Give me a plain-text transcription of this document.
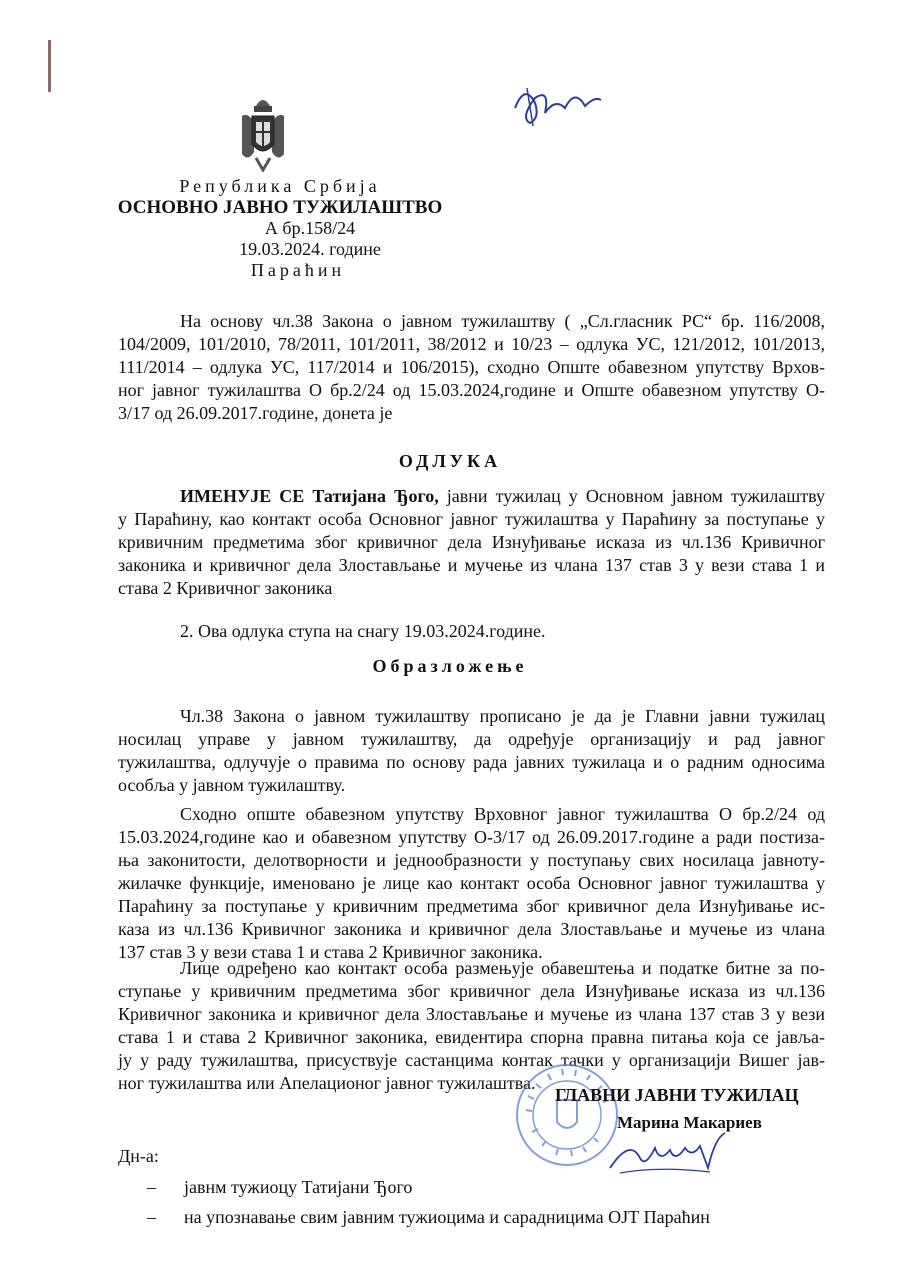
Република Србија
ОСНОВНО ЈАВНО ТУЖИЛАШТВО
А бр.158/24
19.03.2024. године
Параћин
На основу чл.38 Закона о јавном тужилаштву ( „Сл.гласник РС“ бр. 116/2008,
104/2009, 101/2010, 78/2011, 101/2011, 38/2012 и 10/23 – одлука УС, 121/2012, 101/2013,
111/2014 – одлука УС, 117/2014 и 106/2015), сходно Опште обавезном упутству Врхов-
ног јавног тужилаштва О бр.2/24 од 15.03.2024,године и Опште обавезном упутству О-
3/17 од 26.09.2017.године, донета је
ОДЛУКА
ИМЕНУЈЕ СЕ Татијана Ђого, јавни тужилац у Основном јавном тужилаштву
у Параћину, као контакт особа Основног јавног тужилаштва у Параћину за поступање у
кривичним предметима због кривичног дела Изнуђивање исказа из чл.136 Кривичног
законика и кривичног дела Злостављање и мучење из члана 137 став 3 у вези става 1 и
става 2 Кривичног законика
2. Ова одлука ступа на снагу 19.03.2024.године.
Образложење
Чл.38 Закона о јавном тужилаштву прописано је да је Главни јавни тужилац
носилац управе у јавном тужилаштву, да одређује организацију и рад јавног
тужилаштва, одлучује о правима по основу рада јавних тужилаца и о радним односима
особља у јавном тужилаштву.
Сходно опште обавезном упутству Врховног јавног тужилаштва О бр.2/24 од
15.03.2024,године као и обавезном упутству О-3/17 од 26.09.2017.године а ради постиза-
ња законитости, делотворности и једнообразности у поступању свих носилаца јавноту-
жилачке функције, именовано је лице као контакт особа Основног јавног тужилаштва у
Параћину за поступање у кривичним предметима због кривичног дела Изнуђивање ис-
каза из чл.136 Кривичног законика и кривичног дела Злостављање и мучење из члана
137 став 3 у вези става 1 и става 2 Кривичног законика.
Лице одређено као контакт особа размењује обавештења и податке битне за по-
ступање у кривичним предметима због кривичног дела Изнуђивање исказа из чл.136
Кривичног законика и кривичног дела Злостављање и мучење из члана 137 став 3 у вези
става 1 и става 2 Кривичног законика, евидентира спорна правна питања која се јавља-
ју у раду тужилаштва, присуствује састанцима контак тачки у организацији Вишег јав-
ног тужилаштва или Апелационог јавног тужилаштва.
ГЛАВНИ ЈАВНИ ТУЖИЛАЦ
Марина Макариев
Дн-а:
– јавнм тужиоцу Татијани Ђого
– на упознавање свим јавним тужиоцима и сарадницима ОЈТ Параћин
